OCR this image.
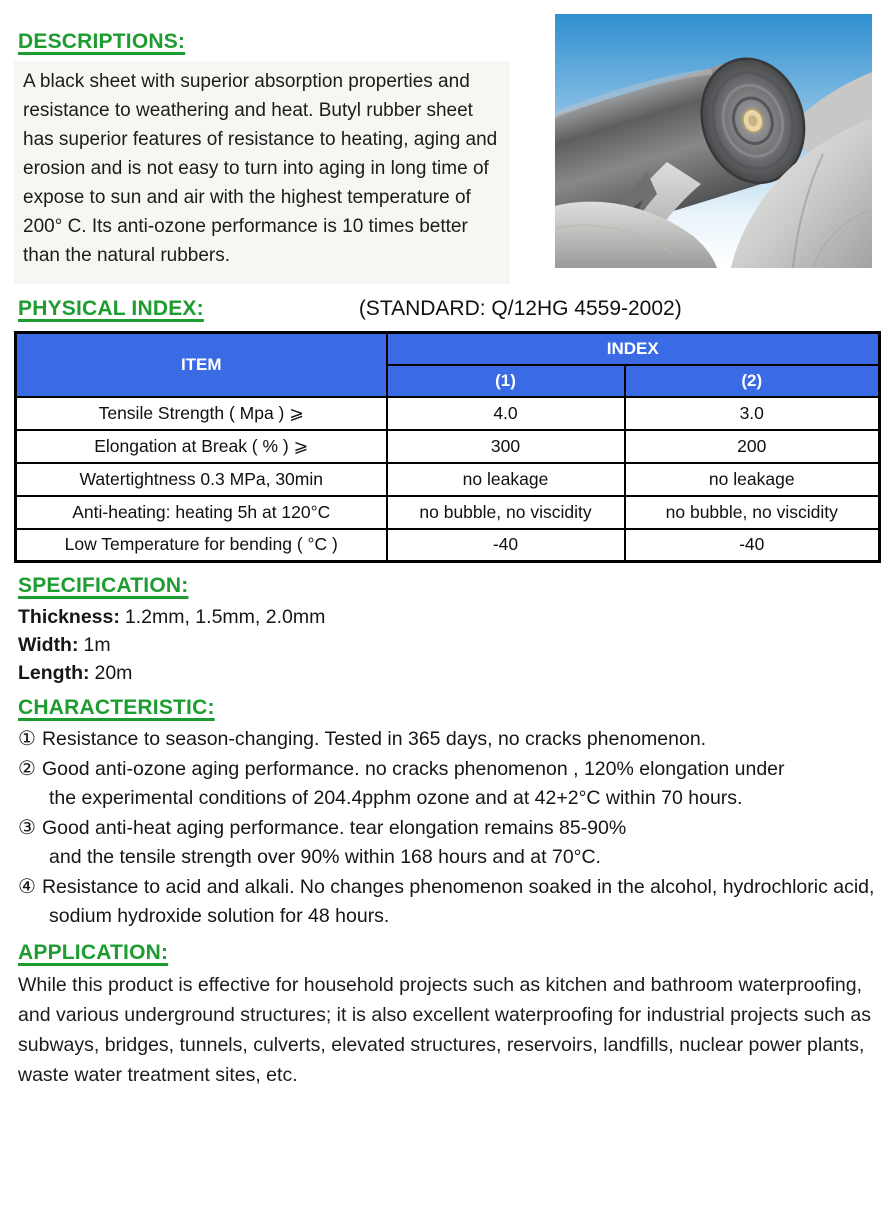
DESCRIPTIONS:
A black sheet with superior absorption properties and resistance to weathering and heat. Butyl rubber sheet has superior features of resistance to heating, aging and erosion and is not easy to turn into aging in long time of expose to sun and air with the highest temperature of 200° C. Its anti-ozone performance is 10 times better than the natural rubbers.
PHYSICAL INDEX:	(STANDARD: Q/12HG 4559-2002)
ITEM	INDEX	
	(1)	(2)
Tensile Strength ( Mpa ) ⩾	4.0	3.0
Elongation at Break ( % ) ⩾	300	200
Watertightness 0.3 MPa, 30min	no leakage	no leakage
Anti-heating: heating 5h at 120°C	no bubble, no viscidity	no bubble, no viscidity
Low Temperature for bending ( °C )	-40	-40
SPECIFICATION:
Thickness: 1.2mm, 1.5mm, 2.0mm
Width: 1m
Length: 20m
CHARACTERISTIC:
① Resistance to season-changing. Tested in 365 days, no cracks phenomenon.
② Good anti-ozone aging performance. no cracks phenomenon , 120% elongation under
the experimental conditions of 204.4pphm ozone and at 42+2°C within 70 hours.
③ Good anti-heat aging performance. tear elongation remains 85-90%
and the tensile strength over 90% within 168 hours and at 70°C.
④ Resistance to acid and alkali. No changes phenomenon soaked in the alcohol, hydrochloric acid,
sodium hydroxide solution for 48 hours.
APPLICATION:
While this product is effective for household projects such as kitchen and bathroom waterproofing, and various underground structures; it is also excellent waterproofing for industrial projects such as subways, bridges, tunnels, culverts, elevated structures, reservoirs, landfills, nuclear power plants, waste water treatment sites, etc.
